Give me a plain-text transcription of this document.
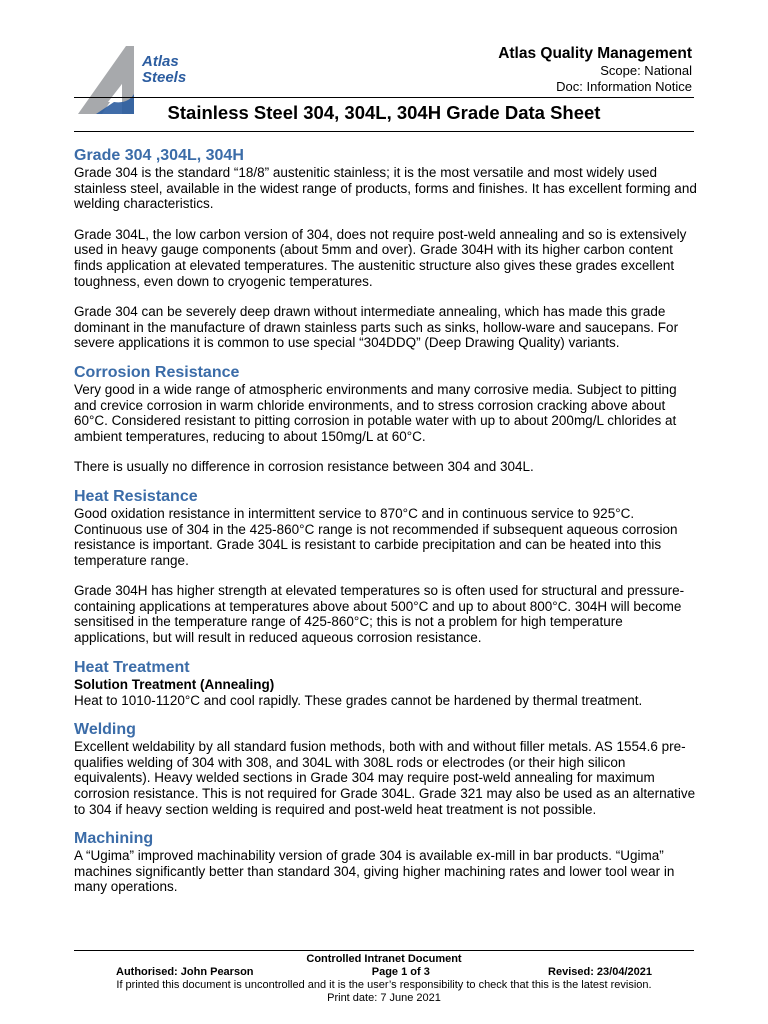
Atlas
Steels
Atlas Quality Management
Scope: National
Doc: Information Notice
Stainless Steel 304, 304L, 304H Grade Data Sheet
Grade 304 ,304L, 304H

Grade 304 is the standard “18/8” austenitic stainless; it is the most versatile and most widely used stainless steel, available in the widest range of products, forms and finishes. It has excellent forming and welding characteristics.

Grade 304L, the low carbon version of 304, does not require post-weld annealing and so is extensively used in heavy gauge components (about 5mm and over). Grade 304H with its higher carbon content finds application at elevated temperatures. The austenitic structure also gives these grades excellent toughness, even down to cryogenic temperatures.

Grade 304 can be severely deep drawn without intermediate annealing, which has made this grade dominant in the manufacture of drawn stainless parts such as sinks, hollow-ware and saucepans. For severe applications it is common to use special “304DDQ” (Deep Drawing Quality) variants.

Corrosion Resistance

Very good in a wide range of atmospheric environments and many corrosive media. Subject to pitting and crevice corrosion in warm chloride environments, and to stress corrosion cracking above about 60°C. Considered resistant to pitting corrosion in potable water with up to about 200mg/L chlorides at ambient temperatures, reducing to about 150mg/L at 60°C.

There is usually no difference in corrosion resistance between 304 and 304L.

Heat Resistance

Good oxidation resistance in intermittent service to 870°C and in continuous service to 925°C. Continuous use of 304 in the 425-860°C range is not recommended if subsequent aqueous corrosion resistance is important. Grade 304L is resistant to carbide precipitation and can be heated into this temperature range.

Grade 304H has higher strength at elevated temperatures so is often used for structural and pressure-containing applications at temperatures above about 500°C and up to about 800°C. 304H will become sensitised in the temperature range of 425-860°C; this is not a problem for high temperature applications, but will result in reduced aqueous corrosion resistance.

Heat Treatment
Solution Treatment (Annealing)

Heat to 1010-1120°C and cool rapidly. These grades cannot be hardened by thermal treatment.

Welding

Excellent weldability by all standard fusion methods, both with and without filler metals. AS 1554.6 pre-qualifies welding of 304 with 308, and 304L with 308L rods or electrodes (or their high silicon equivalents). Heavy welded sections in Grade 304 may require post-weld annealing for maximum corrosion resistance. This is not required for Grade 304L. Grade 321 may also be used as an alternative to 304 if heavy section welding is required and post-weld heat treatment is not possible.

Machining

A “Ugima” improved machinability version of grade 304 is available ex-mill in bar products. “Ugima” machines significantly better than standard 304, giving higher machining rates and lower tool wear in many operations.

Controlled Intranet Document
Authorised: John Pearson	Page 1 of 3	Revised: 23/04/2021
If printed this document is uncontrolled and it is the user’s responsibility to check that this is the latest revision.
Print date: 7 June 2021
